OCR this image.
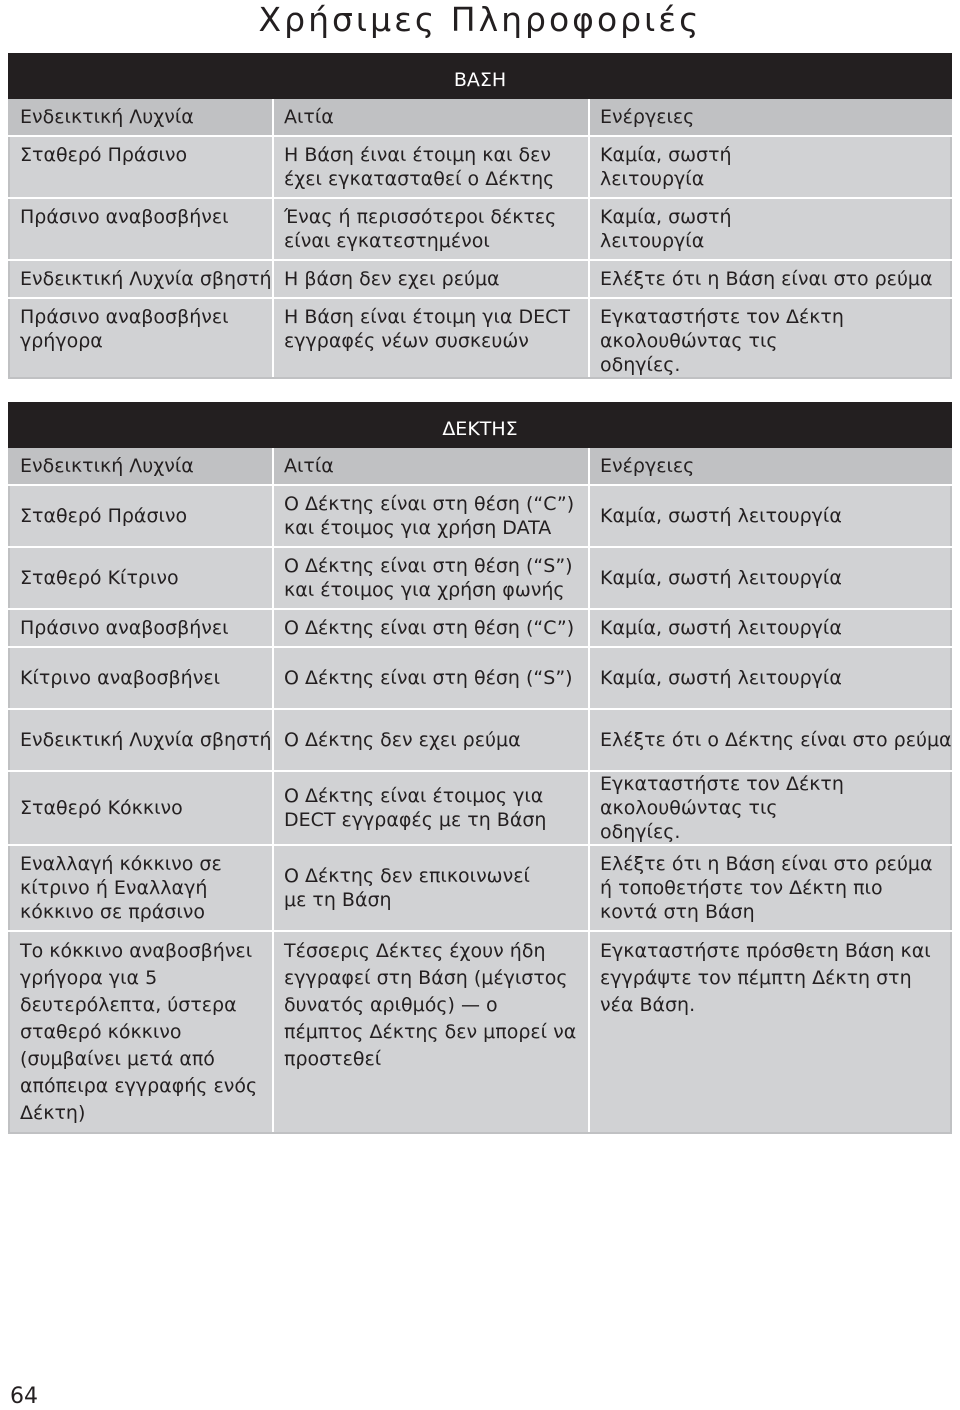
Χρήσιμες Πληροφοριές
ΒΑΣΗ		
Ενδεικτική Λυχνία	Αιτία	Ενέργειες
Σταθερό Πράσινο	Η Βάση έιναι έτοιμη και δεν έχει εγκατασταθεί ο Δέκτης	Καμία, σωστή λειτουργία
Πράσινο αναβοσβήνει	Ένας ή περισσότεροι δέκτες είναι εγκατεστημένοι	Καμία, σωστή λειτουργία
Ενδεικτική Λυχνία σβηστή	Η βάση δεν εχει ρεύμα	Ελέξτε ότι η Βάση είναι στο ρεύμα
Πράσινο αναβοσβήνει γρήγορα	Η Βάση είναι έτοιμη για DECT εγγραφές νέων συσκευών	Εγκαταστήστε τον Δέκτη ακολουθώντας τις οδηγίες.
ΔΕΚΤΗΣ		
Ενδεικτική Λυχνία	Αιτία	Ενέργειες
Σταθερό Πράσινο	Ο Δέκτης είναι στη θέση (“C”) και έτοιμος για χρήση DATA	Καμία, σωστή λειτουργία
Σταθερό Κίτρινο	Ο Δέκτης είναι στη θέση (“S”) και έτοιμος για χρήση φωνής	Καμία, σωστή λειτουργία
Πράσινο αναβοσβήνει	Ο Δέκτης είναι στη θέση (“C”)	Καμία, σωστή λειτουργία
Κίτρινο αναβοσβήνει	Ο Δέκτης είναι στη θέση (“S”)	Καμία, σωστή λειτουργία
Ενδεικτική Λυχνία σβηστή	Ο Δέκτης δεν εχει ρεύμα	Ελέξτε ότι ο Δέκτης είναι στο ρεύμα
Σταθερό Κόκκινο	Ο Δέκτης είναι έτοιμος για DECT εγγραφές με τη Βάση	Εγκαταστήστε τον Δέκτη ακολουθώντας τις οδηγίες.
Εναλλαγή κόκκινο σε κίτρινο ή Εναλλαγή κόκκινο σε πράσινο	Ο Δέκτης δεν επικοινωνεί με τη Βάση	Ελέξτε ότι η Βάση είναι στο ρεύμα ή τοποθετήστε τον Δέκτη πιο κοντά στη Βάση
Το κόκκινο αναβοσβήνει γρήγορα για 5 δευτερόλεπτα, ύστερα σταθερό κόκκινο (συμβαίνει μετά από απόπειρα εγγραφής ενός Δέκτη)	Τέσσερις Δέκτες έχουν ήδη εγγραφεί στη Βάση (μέγιστος δυνατός αριθμός) — ο πέμπτος Δέκτης δεν μπορεί να προστεθεί	Εγκαταστήστε πρόσθετη Βάση και εγγράψτε τον πέμπτη Δέκτη στη νέα Βάση.
64
